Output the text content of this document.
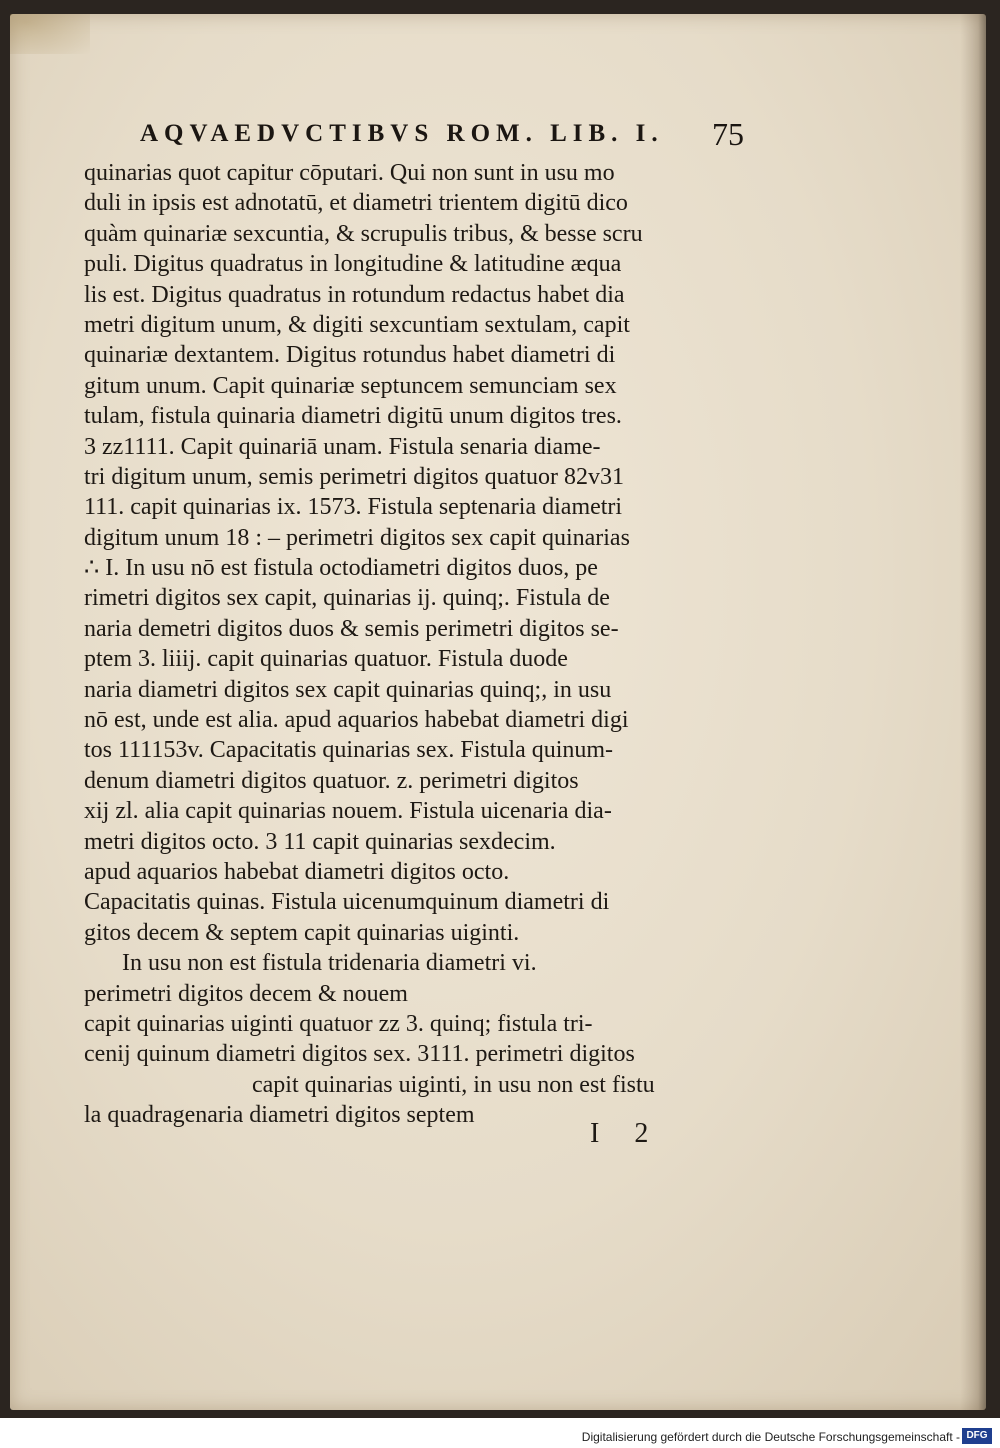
AQVAEDVCTIBVS ROM. LIB. I.	75
quinarias quot capitur cōputari. Qui non sunt in usu mo
duli in ipsis est adnotatū, et diametri trientem digitū dico
quàm quinariæ sexcuntia, & scrupulis tribus, & besse scru
puli. Digitus quadratus in longitudine & latitudine æqua
lis est. Digitus quadratus in rotundum redactus habet dia
metri digitum unum, & digiti sexcuntiam sextulam, capit
quinariæ dextantem. Digitus rotundus habet diametri di
gitum unum. Capit quinariæ septuncem semunciam sex
tulam, fistula quinaria diametri digitū unum digitos tres.
3 zz1111. Capit quinariā unam. Fistula senaria diame-
tri digitum unum, semis perimetri digitos quatuor 82v31
111. capit quinarias ix. 1573. Fistula septenaria diametri
digitum unum 18 : – perimetri digitos sex capit quinarias
∴ I. In usu nō est fistula octodiametri digitos duos, pe
rimetri digitos sex capit, quinarias ij. quinq;. Fistula de
naria demetri digitos duos & semis perimetri digitos se-
ptem 3. liiij. capit quinarias quatuor. Fistula duode
naria diametri digitos sex capit quinarias quinq;, in usu
nō est, unde est alia. apud aquarios habebat diametri digi
tos 111153v. Capacitatis quinarias sex. Fistula quinum-
denum diametri digitos quatuor. z. perimetri digitos
xij zl. alia capit quinarias nouem. Fistula uicenaria dia-
metri digitos octo. 3 11 capit quinarias sexdecim.
apud aquarios habebat diametri digitos octo.
Capacitatis quinas. Fistula uicenumquinum diametri di
gitos decem & septem capit quinarias uiginti.
In usu non est fistula tridenaria diametri vi.
perimetri digitos decem & nouem
capit quinarias uiginti quatuor zz 3. quinq; fistula tri-
cenij quinum diametri digitos sex. 3111. perimetri digitos
capit quinarias uiginti, in usu non est fistu
la quadragenaria diametri digitos septem
I 2
Digitalisierung gefördert durch die Deutsche Forschungsgemeinschaft - DFG
